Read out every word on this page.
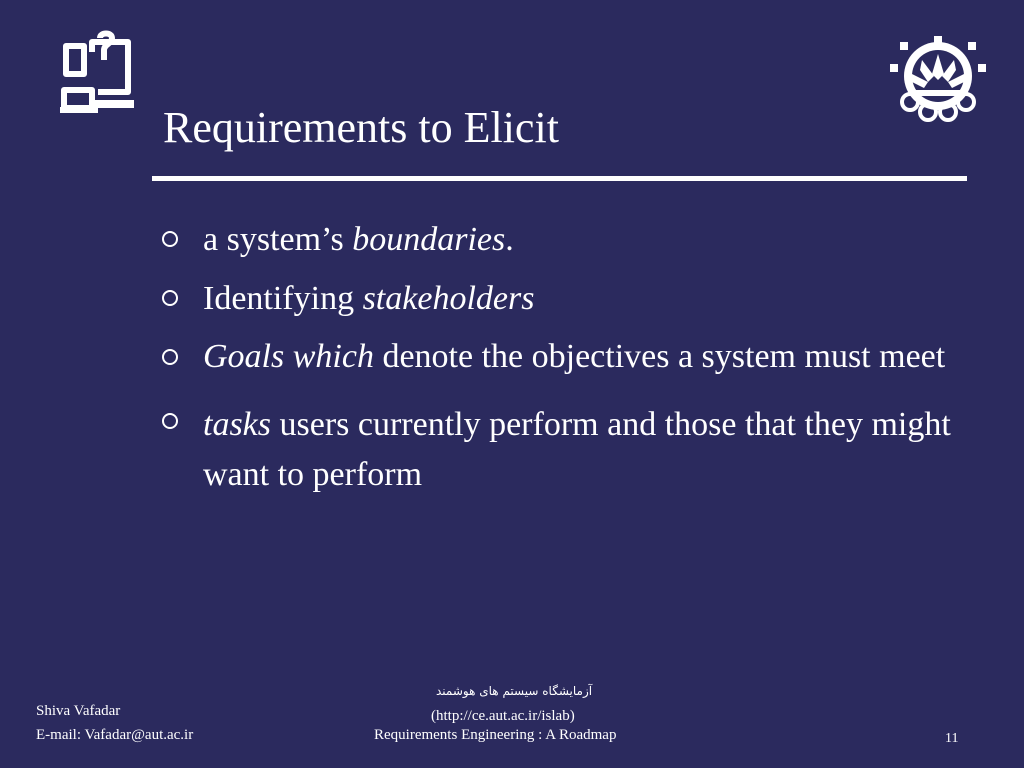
Requirements to Elicit
a system’s boundaries.
Identifying stakeholders
Goals which denote the objectives a system must meet
tasks users currently perform and those that they might want to perform
Shiva Vafadar
E-mail: Vafadar@aut.ac.ir
آزمایشگاه سیستم های هوشمند
(http://ce.aut.ac.ir/islab)
Requirements Engineering : A Roadmap	11
